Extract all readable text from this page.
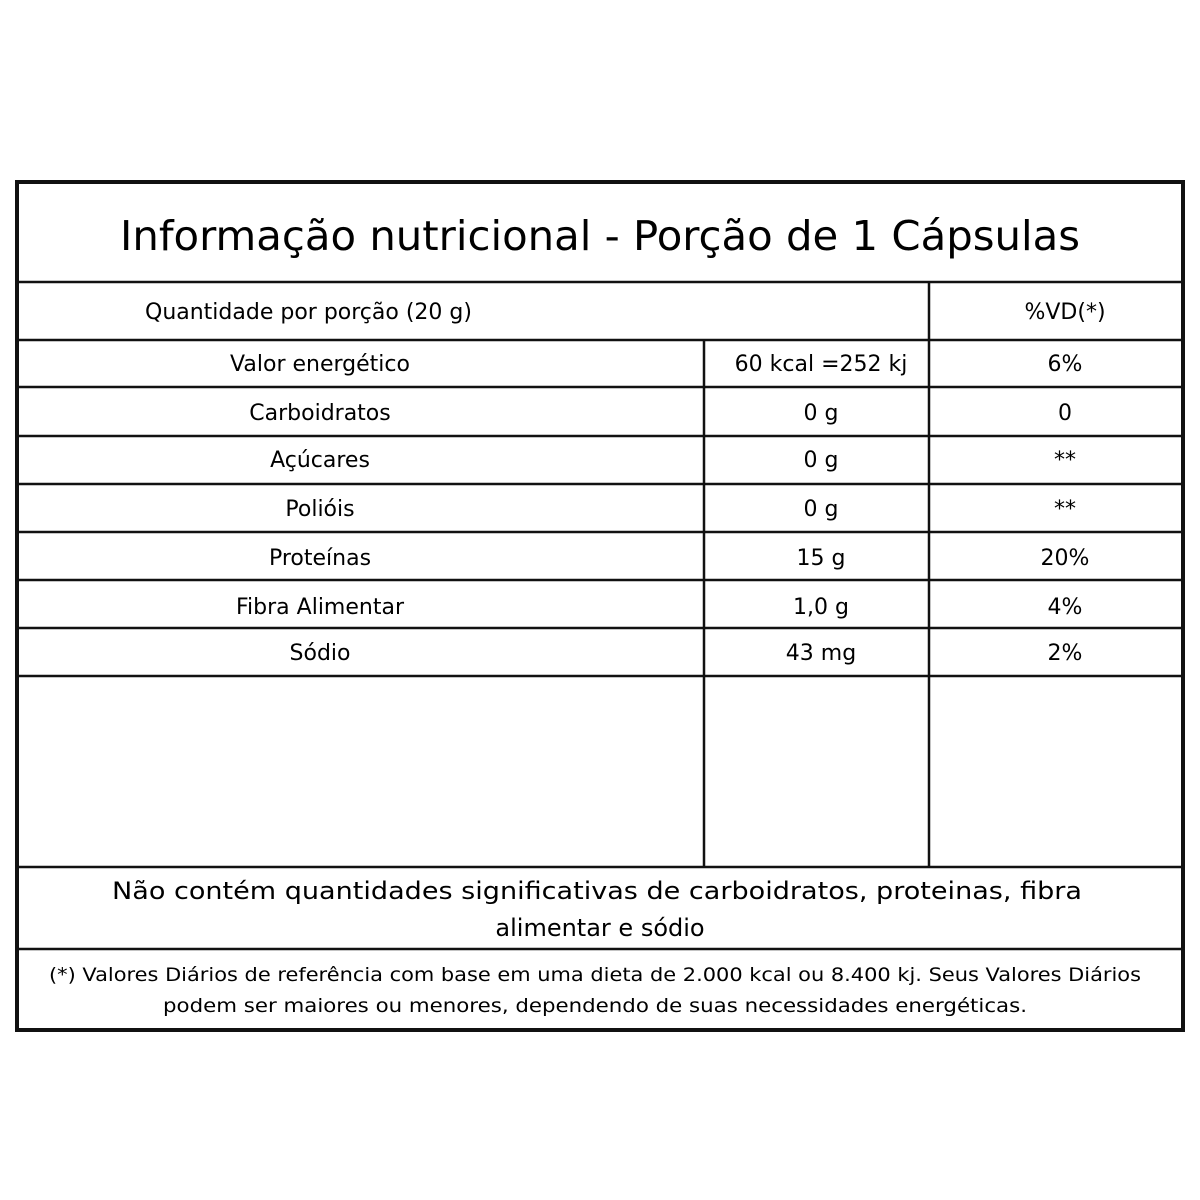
Informação nutricional - Porção de 1 Cápsulas
Quantidade por porção (20 g)	%VD(*)
Valor energético	60 kcal =252 kj	6%
Carboidratos	0 g	0
Açúcares	0 g	**
Polióis	0 g	**
Proteínas	15 g	20%
Fibra Alimentar	1,0 g	4%
Sódio	43 mg	2%
Não contém quantidades significativas de carboidratos, proteinas, fibra
alimentar e sódio
(*) Valores Diários de referência com base em uma dieta de 2.000 kcal ou 8.400 kj. Seus Valores Diários
podem ser maiores ou menores, dependendo de suas necessidades energéticas.
